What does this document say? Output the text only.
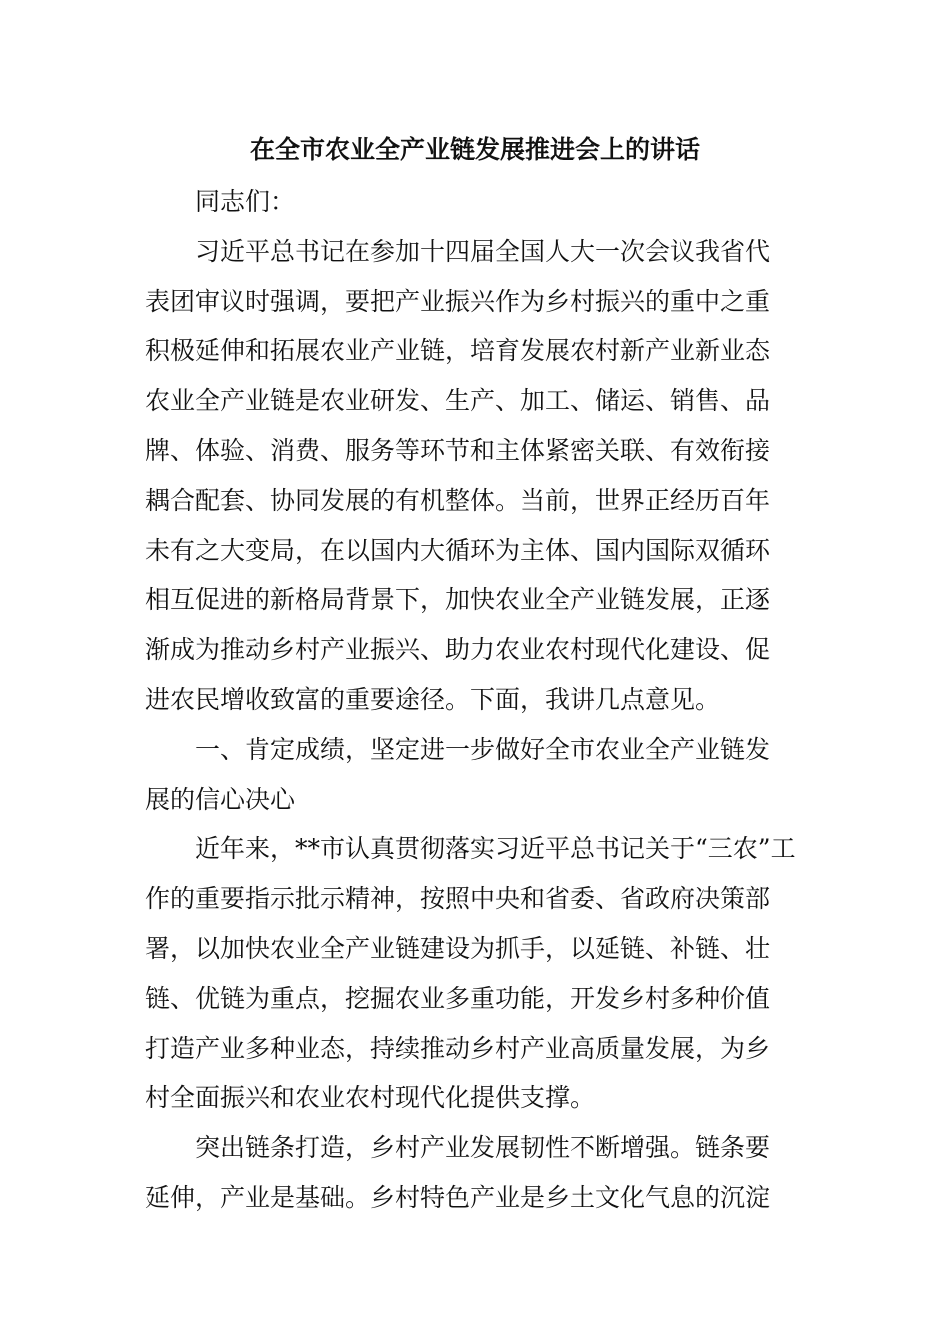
在全市农业全产业链发展推进会上的讲话
同志们：
习近平总书记在参加十四届全国人大一次会议我省代
表团审议时强调，要把产业振兴作为乡村振兴的重中之重
积极延伸和拓展农业产业链，培育发展农村新产业新业态
农业全产业链是农业研发、生产、加工、储运、销售、品
牌、体验、消费、服务等环节和主体紧密关联、有效衔接
耦合配套、协同发展的有机整体。当前，世界正经历百年
未有之大变局，在以国内大循环为主体、国内国际双循环
相互促进的新格局背景下，加快农业全产业链发展，正逐
渐成为推动乡村产业振兴、助力农业农村现代化建设、促
进农民增收致富的重要途径。下面，我讲几点意见。
一、肯定成绩，坚定进一步做好全市农业全产业链发
展的信心决心
近年来，**市认真贯彻落实习近平总书记关于“三农”工
作的重要指示批示精神，按照中央和省委、省政府决策部
署，以加快农业全产业链建设为抓手，以延链、补链、壮
链、优链为重点，挖掘农业多重功能，开发乡村多种价值
打造产业多种业态，持续推动乡村产业高质量发展，为乡
村全面振兴和农业农村现代化提供支撑。
突出链条打造，乡村产业发展韧性不断增强。链条要
延伸，产业是基础。乡村特色产业是乡土文化气息的沉淀
